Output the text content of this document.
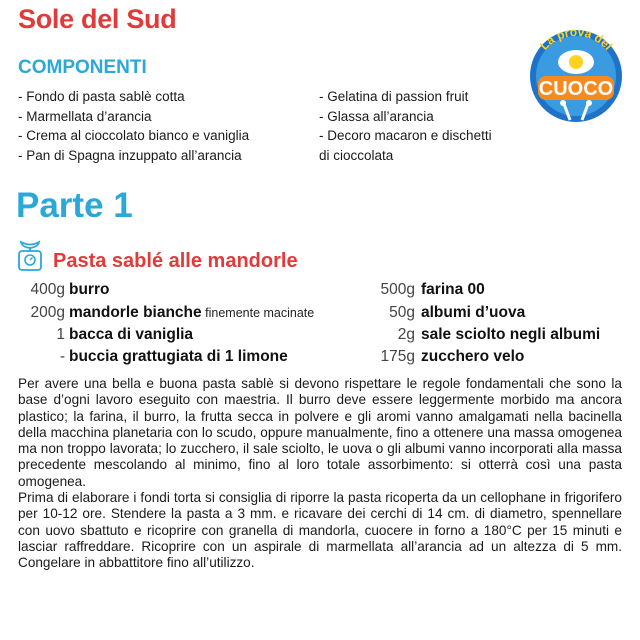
Sole del Sud
COMPONENTI
- Fondo di pasta sablè cotta
- Marmellata d’arancia
- Crema al cioccolato bianco e vaniglia
- Pan di Spagna inzuppato all’arancia
- Gelatina di passion fruit
- Glassa all’arancia
- Decoro macaron e dischetti
di cioccolata
La prova del
CUOCO
Parte 1
Pasta sablé alle mandorle
400g burro
200g mandorle bianche finemente macinate
1 bacca di vaniglia
- buccia grattugiata di 1 limone
500g farina 00
50g albumi d’uova
2g sale sciolto negli albumi
175g zucchero velo

Per avere una bella e buona pasta sablè si devono rispettare le regole fondamentali che sono la base d’ogni lavoro eseguito con maestria. Il burro deve essere leggermente morbido ma ancora plastico; la farina, il burro, la frutta secca in polvere e gli aromi vanno amalgamati nella bacinella della macchina planetaria con lo scudo, oppure manualmente, fino a ottenere una massa omogenea ma non troppo lavorata; lo zucchero, il sale sciolto, le uova o gli albumi vanno incorporati alla massa precedente mescolando al minimo, fino al loro totale assorbimento: si otterrà così una pasta omogenea.

Prima di elaborare i fondi torta si consiglia di riporre la pasta ricoperta da un cellophane in frigorifero per 10-12 ore. Stendere la pasta a 3 mm. e ricavare dei cerchi di 14 cm. di diametro, spennellare con uovo sbattuto e ricoprire con granella di mandorla, cuocere in forno a 180°C per 15 minuti e lasciar raffreddare. Ricoprire con un aspirale di marmellata all’arancia ad un altezza di 5 mm. Congelare in abbattitore fino all’utilizzo.
